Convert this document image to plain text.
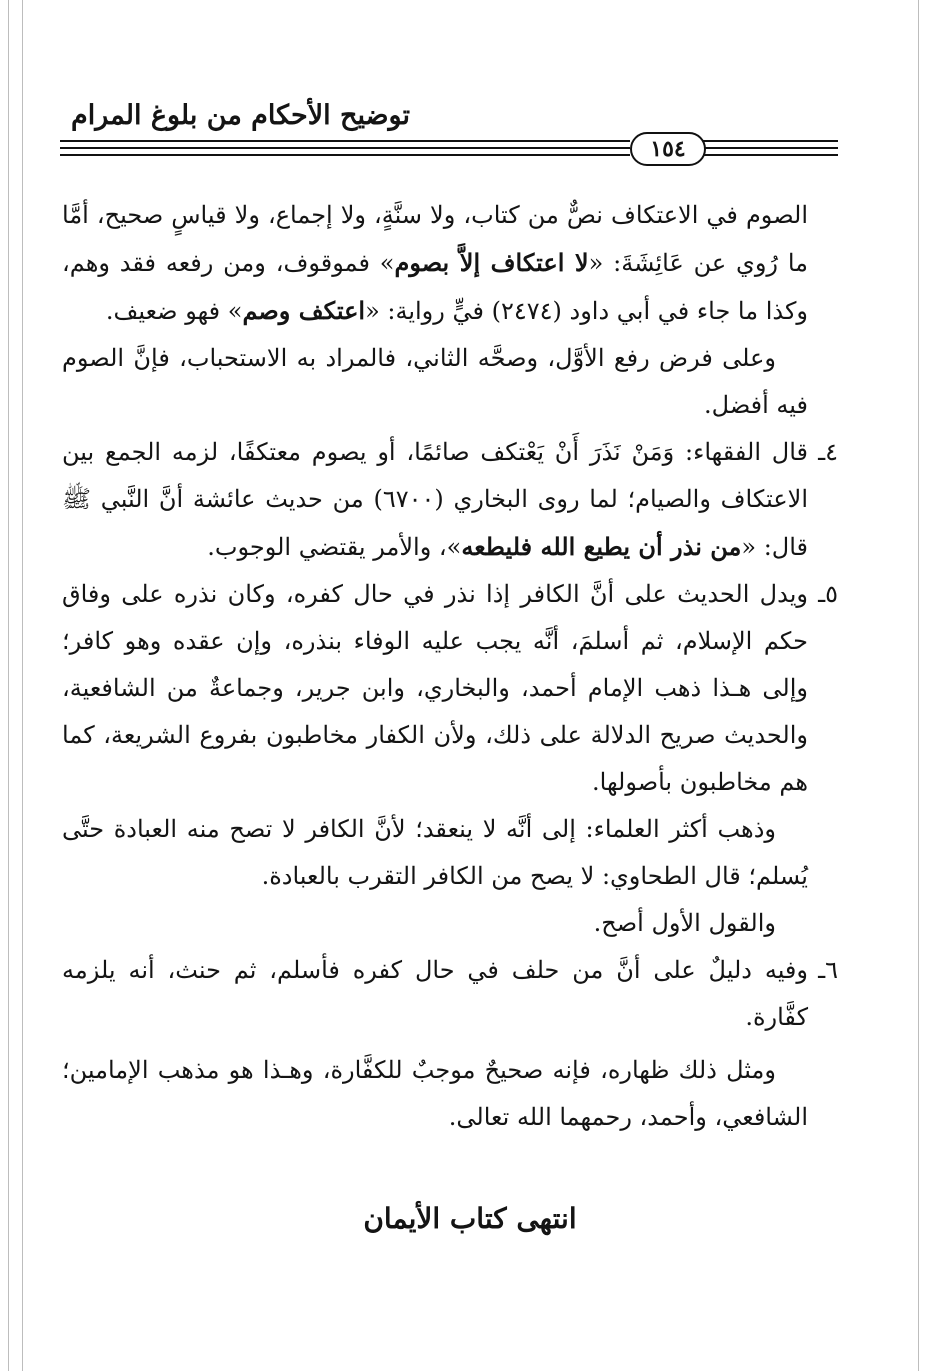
توضيح الأحكام من بلوغ المرام
١٥٤

الصوم في الاعتكاف نصٌّ من كتاب، ولا سنَّةٍ، ولا إجماع، ولا قياسٍ صحيح، أمَّا ما رُوي عن عَائِشَةَ: «لا اعتكاف إلاَّ بصوم» فموقوف، ومن رفعه فقد وهم، وكذا ما جاء في أبي داود (٢٤٧٤) فيٍّ رواية: «اعتكف وصم» فهو ضعيف.

وعلى فرض رفع الأوَّل، وصحَّه الثاني، فالمراد به الاستحباب، فإنَّ الصوم فيه أفضل.

٤ـ
قال الفقهاء: وَمَنْ نَذَرَ أَنْ يَعْتكف صائمًا، أو يصوم معتكفًا، لزمه الجمع بين الاعتكاف والصيام؛ لما روى البخاري (٦٧٠٠) من حديث عائشة أنَّ النَّبي ﷺ قال: «من نذر أن يطيع الله فليطعه»، والأمر يقتضي الوجوب.
٥ـ
ويدل الحديث على أنَّ الكافر إذا نذر في حال كفره، وكان نذره على وفاق حكم الإسلام، ثم أسلمَ، أنَّه يجب عليه الوفاء بنذره، وإن عقده وهو كافر؛ وإلى هـذا ذهب الإمام أحمد، والبخاري، وابن جرير، وجماعةٌ من الشافعية، والحديث صريح الدلالة على ذلك، ولأن الكفار مخاطبون بفروع الشريعة، كما هم مخاطبون بأصولها.

وذهب أكثر العلماء: إلى أنَّه لا ينعقد؛ لأنَّ الكافر لا تصح منه العبادة حتَّى يُسلم؛ قال الطحاوي: لا يصح من الكافر التقرب بالعبادة.

والقول الأول أصح.

٦ـ
وفيه دليلٌ على أنَّ من حلف في حال كفره فأسلم، ثم حنث، أنه يلزمه كفَّارة.

ومثل ذلك ظهاره، فإنه صحيحٌ موجبٌ للكفَّارة، وهـذا هو مذهب الإمامين؛ الشافعي، وأحمد، رحمهما الله تعالى.

انتهى كتاب الأيمان
